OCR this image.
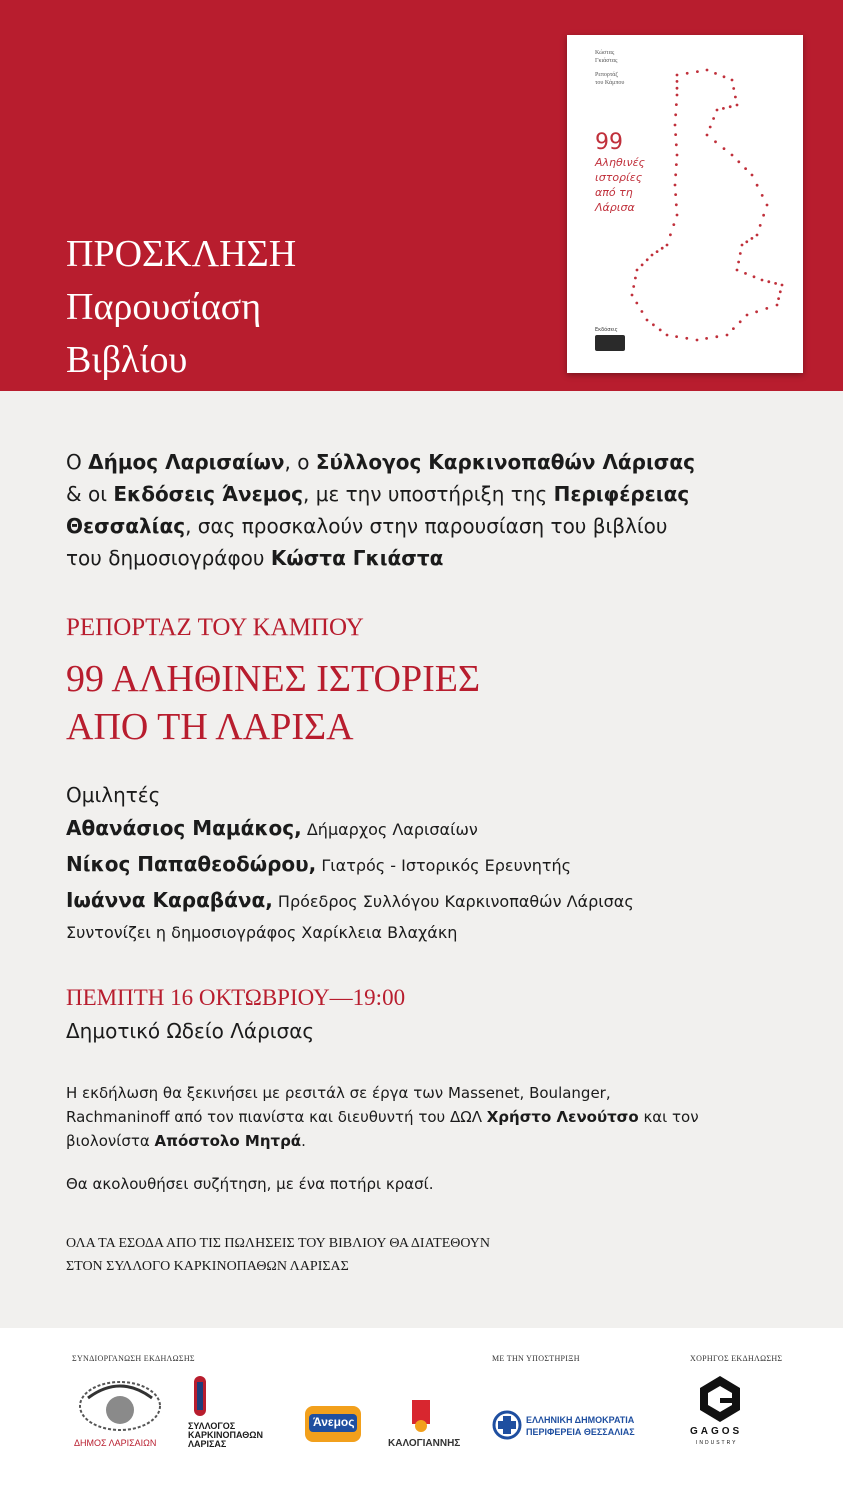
ΠΡΟΣΚΛΗΣΗ
Παρουσίαση
Βιβλίου
Κώστας
Γκιάστας
Ρεπορτάζ
του Κάμπου
99
Αληθινές
ιστορίες
από τη
Λάρισα
Εκδόσεις
Ο Δήμος Λαρισαίων, ο Σύλλογος Καρκινοπαθών Λάρισας
& οι Εκδόσεις Άνεμος, με την υποστήριξη της Περιφέρειας
Θεσσαλίας, σας προσκαλούν στην παρουσίαση του βιβλίου
του δημοσιογράφου Κώστα Γκιάστα
ΡΕΠΟΡΤΑΖ ΤΟΥ ΚΑΜΠΟΥ
99 ΑΛΗΘΙΝΕΣ ΙΣΤΟΡΙΕΣ
ΑΠΟ ΤΗ ΛΑΡΙΣΑ
Ομιλητές
Αθανάσιος Μαμάκος, Δήμαρχος Λαρισαίων
Νίκος Παπαθεοδώρου, Γιατρός - Ιστορικός Ερευνητής
Ιωάννα Καραβάνα, Πρόεδρος Συλλόγου Καρκινοπαθών Λάρισας
Συντονίζει η δημοσιογράφος Χαρίκλεια Βλαχάκη
ΠΕΜΠΤΗ 16 ΟΚΤΩΒΡΙΟΥ—19:00
Δημοτικό Ωδείο Λάρισας
Η εκδήλωση θα ξεκινήσει με ρεσιτάλ σε έργα των Massenet, Boulanger,
Rachmaninoff από τον πιανίστα και διευθυντή του ΔΩΛ Χρήστο Λενούτσο και τον
βιολονίστα Απόστολο Μητρά.
Θα ακολουθήσει συζήτηση, με ένα ποτήρι κρασί.
ΟΛΑ ΤΑ ΕΣΟΔΑ ΑΠΟ ΤΙΣ ΠΩΛΗΣΕΙΣ ΤΟΥ ΒΙΒΛΙΟΥ ΘΑ ΔΙΑΤΕΘΟΥΝ
ΣΤΟΝ ΣΥΛΛΟΓΟ ΚΑΡΚΙΝΟΠΑΘΩΝ ΛΑΡΙΣΑΣ
ΣΥΝΔΙΟΡΓΑΝΩΣΗ ΕΚΔΗΛΩΣΗΣ	ΜΕ ΤΗΝ ΥΠΟΣΤΗΡΙΞΗ	ΧΟΡΗΓΟΣ ΕΚΔΗΛΩΣΗΣ
ΔΗΜΟΣ ΛΑΡΙΣΑΙΩΝ
ΣΥΛΛΟΓΟΣ
ΚΑΡΚΙΝΟΠΑΘΩΝ
ΛΑΡΙΣΑΣ
Άνεμος
ΚΑΛΟΓΙΑΝΝΗΣ
ΕΛΛΗΝΙΚΗ ΔΗΜΟΚΡΑΤΙΑ
ΠΕΡΙΦΕΡΕΙΑ ΘΕΣΣΑΛΙΑΣ	GAGOS
INDUSTRY
